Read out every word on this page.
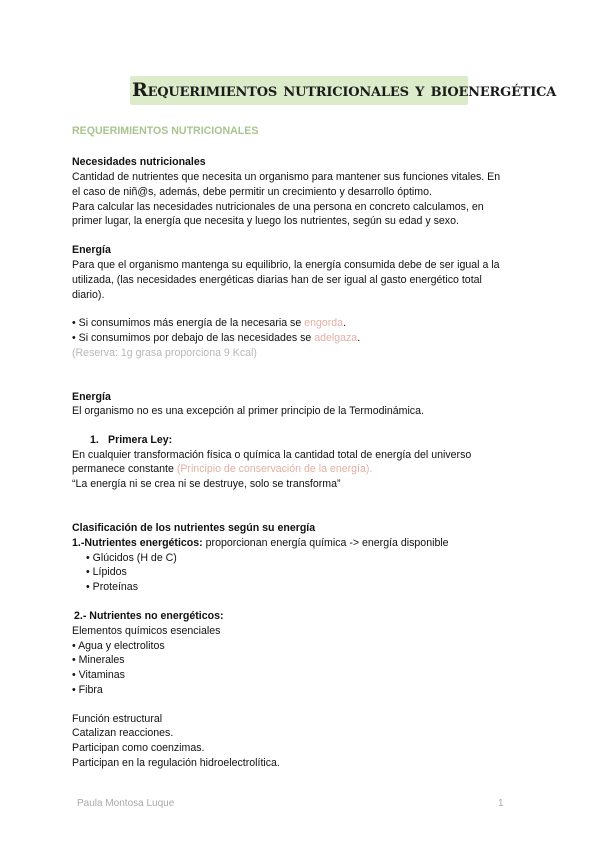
Requerimientos nutricionales y bioenergética
REQUERIMIENTOS NUTRICIONALES
Necesidades nutricionales
Cantidad de nutrientes que necesita un organismo para mantener sus funciones vitales. En
el caso de niñ@s, además, debe permitir un crecimiento y desarrollo óptimo.
Para calcular las necesidades nutricionales de una persona en concreto calculamos, en
primer lugar, la energía que necesita y luego los nutrientes, según su edad y sexo.
Energía
Para que el organismo mantenga su equilibrio, la energía consumida debe de ser igual a la
utilizada, (las necesidades energéticas diarias han de ser igual al gasto energético total
diario).
• Si consumimos más energía de la necesaria se engorda.
• Si consumimos por debajo de las necesidades se adelgaza.
(Reserva: 1g grasa proporciona 9 Kcal)
Energía
El organismo no es una excepción al primer principio de la Termodinámica.
1. Primera Ley:
En cualquier transformación física o química la cantidad total de energía del universo
permanece constante (Principio de conservación de la energía).
“La energía ni se crea ni se destruye, solo se transforma”
Clasificación de los nutrientes según su energía
1.-Nutrientes energéticos: proporcionan energía química -> energía disponible
• Glúcidos (H de C)
• Lípidos
• Proteínas
2.- Nutrientes no energéticos:
Elementos químicos esenciales
• Agua y electrolitos
• Minerales
• Vitaminas
• Fibra
Función estructural
Catalizan reacciones.
Participan como coenzimas.
Participan en la regulación hidroelectrolítica.
Paula Montosa Luque	1
